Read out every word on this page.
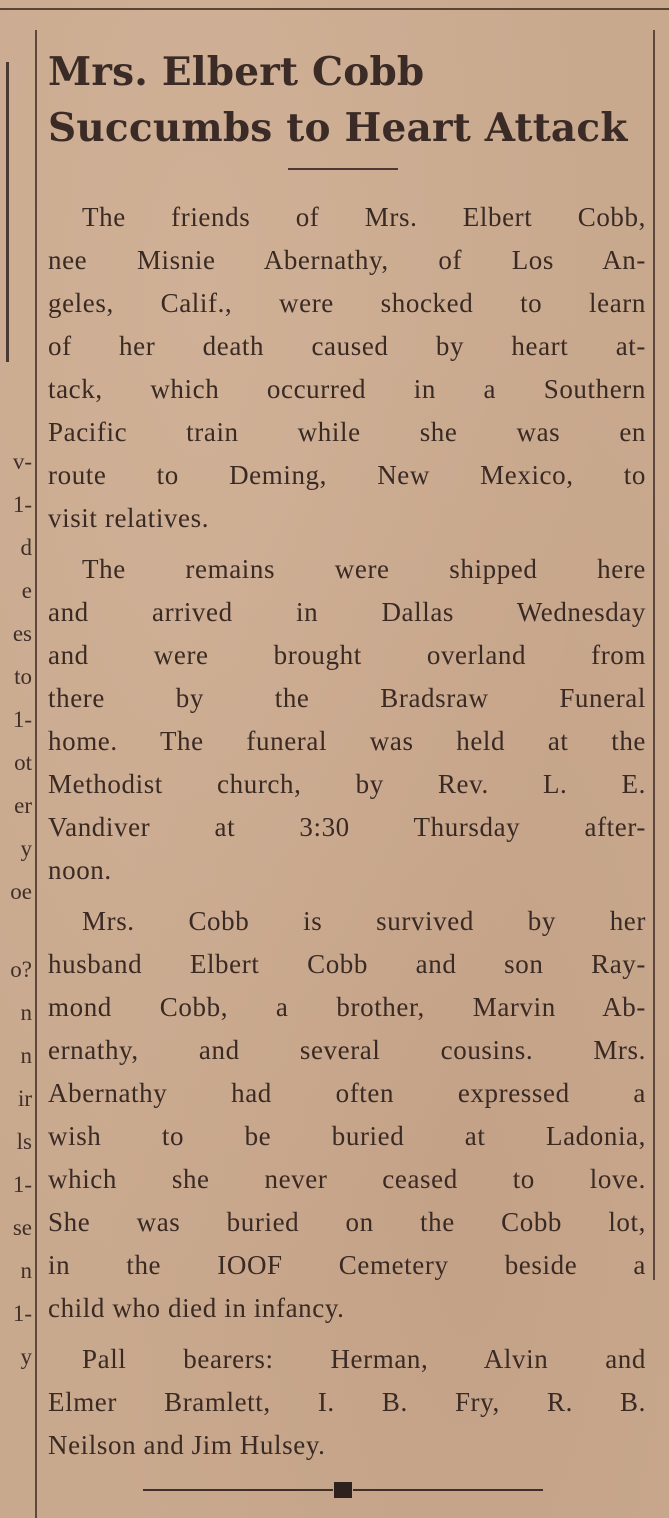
v-
1-
d
e
es
to
1-
ot
er
y
oe
o?
n
n
ir
ls
1-
se
n
1-
y
Mrs. Elbert Cobb
Succumbs to Heart Attack
The friends of Mrs. Elbert Cobb,
nee Misnie Abernathy, of Los An-
geles, Calif., were shocked to learn
of her death caused by heart at-
tack, which occurred in a Southern
Pacific train while she was en
route to Deming, New Mexico, to
visit relatives.
The remains were shipped here
and arrived in Dallas Wednesday
and were brought overland from
there by the Bradsraw Funeral
home. The funeral was held at the
Methodist church, by Rev. L. E.
Vandiver at 3:30 Thursday after-
noon.
Mrs. Cobb is survived by her
husband Elbert Cobb and son Ray-
mond Cobb, a brother, Marvin Ab-
ernathy, and several cousins. Mrs.
Abernathy had often expressed a
wish to be buried at Ladonia,
which she never ceased to love.
She was buried on the Cobb lot,
in the IOOF Cemetery beside a
child who died in infancy.
Pall bearers: Herman, Alvin and
Elmer Bramlett, I. B. Fry, R. B.
Neilson and Jim Hulsey.
